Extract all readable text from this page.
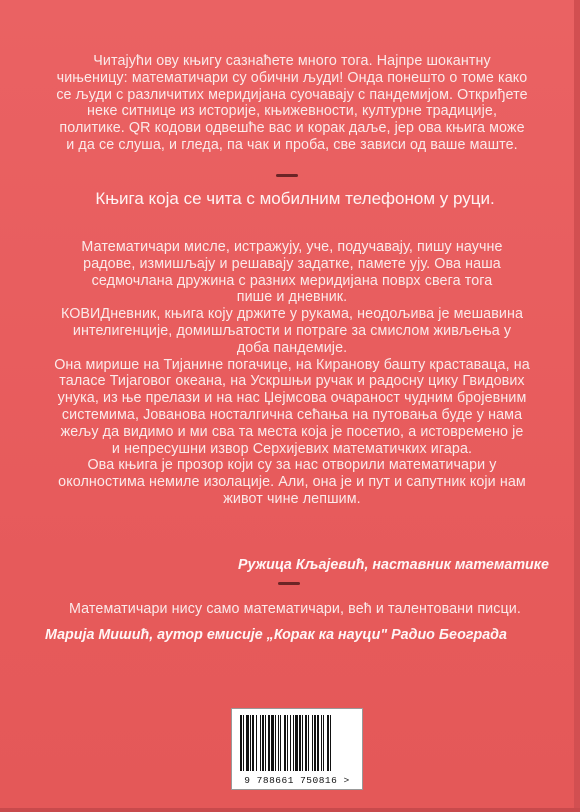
Читајући ову књигу сазнаћете много тога. Најпре шокантну
чињеницу: математичари су обични људи! Онда понешто о томе како
се људи с различитих меридијана суочавају с пандемијом. Откриђете
неке ситнице из историје, књижевности, културне традиције,
политике. QR кодови одвешће вас и корак даље, јер ова књига може
и да се слуша, и гледа, па чак и проба, све зависи од ваше маште.
Књига која се чита с мобилним телефоном у руци.
Математичари мисле, истражују, уче, подучавају, пишу научне
радове, измишљају и решавају задатке, памете ују. Ова наша
седмочлана дружина с разних меридијана поврх свега тога
пише и дневник.
КОВИДневник, књига коју држите у рукама, неодољива је мешавина
интелигенције, домишљатости и потраге за смислом живљења у
доба пандемије.
Она мирише на Тијанине погачице, на Кирановy башту краставаца, на
таласе Тијаговог океана, на Ускршњи ручак и радосну цику Гвидових
унука, из ње прелази и на нас Џејмсова очараност чудним бројевним
системима, Јованова носталгична сећања на путовања буде у нама
жељу да видимо и ми сва та места која је посетио, а истовремено је
и непресушни извор Серхијевих математичких игара.
Ова књига је прозор који су за нас отворили математичари у
околностима немиле изолације. Али, она је и пут и сапутник који нам
живот чине лепшим.
Ружица Кљајевић, наставник математике
Математичари нису само математичари, већ и талентовани писци.
Марија Мишић, аутор емисије „Корак ка науци" Радио Београда
9 788661 750816 >
